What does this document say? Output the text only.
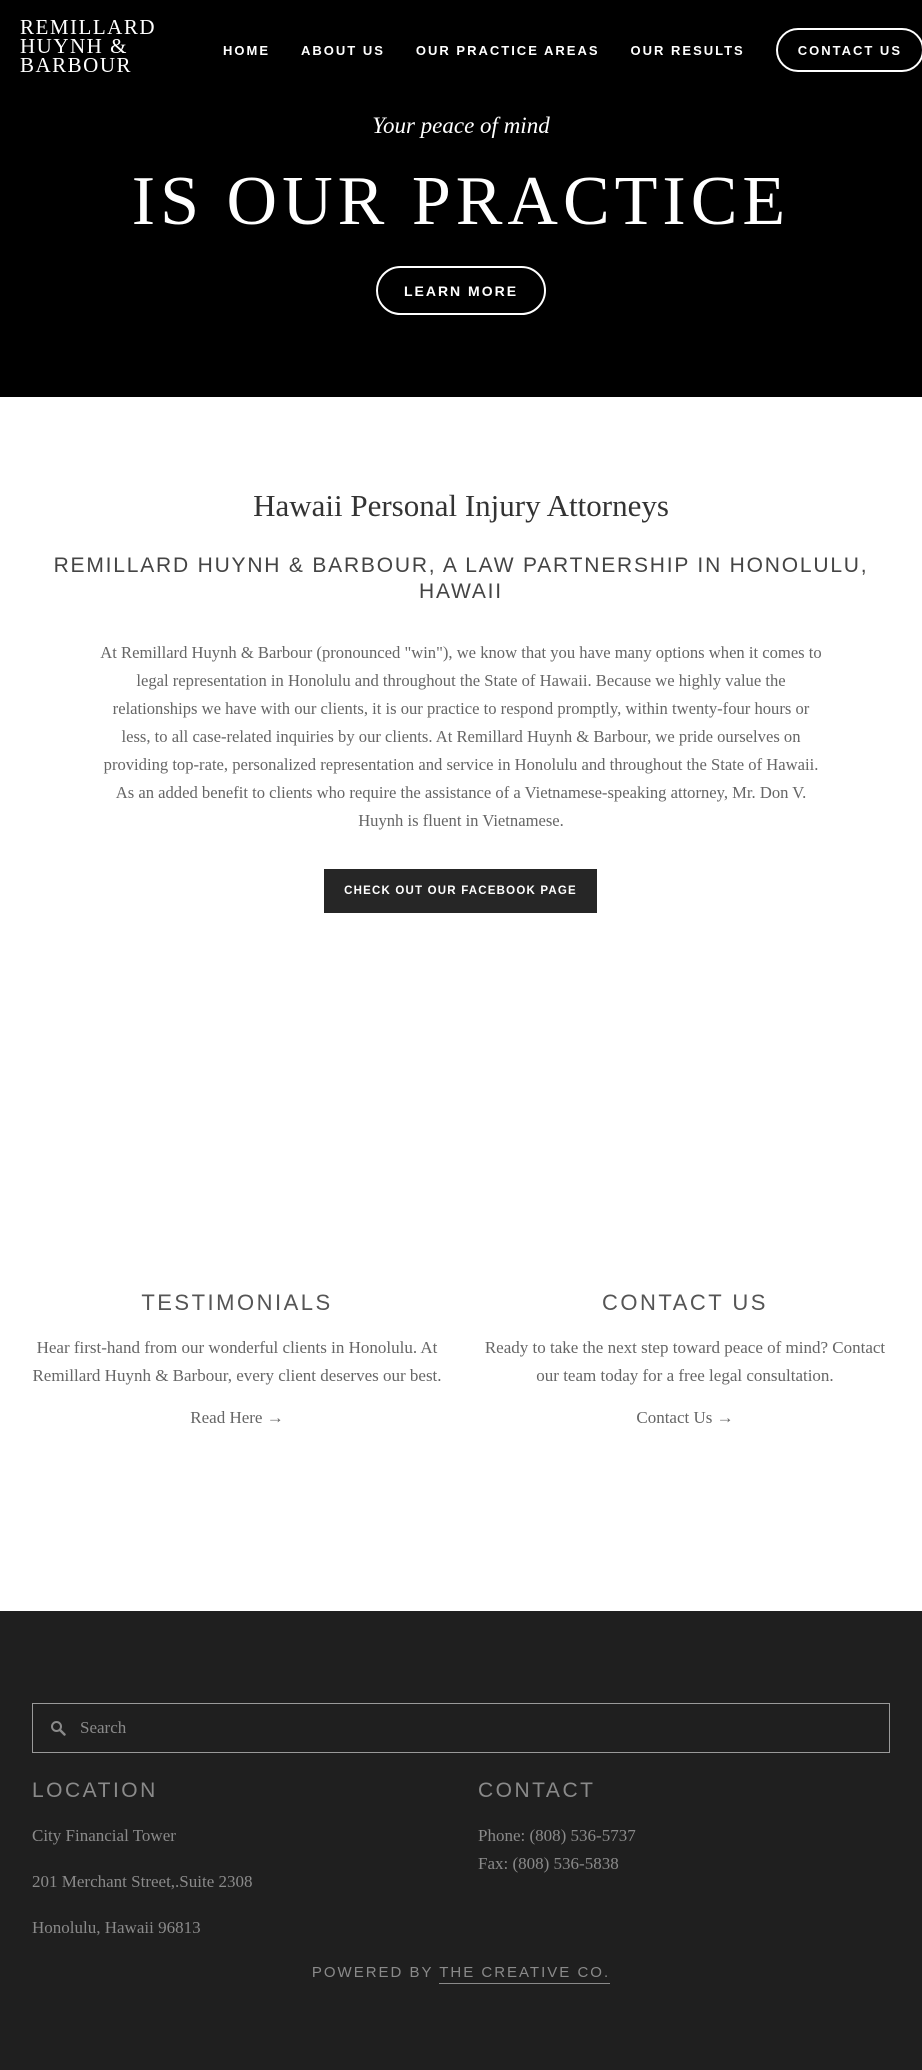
REMILLARD
HUYNH &
BARBOUR
HOME ABOUT US OUR PRACTICE AREAS OUR RESULTS	CONTACT US
Your peace of mind
IS OUR PRACTICE
LEARN MORE
Hawaii Personal Injury Attorneys
REMILLARD HUYNH & BARBOUR, A LAW PARTNERSHIP IN HONOLULU, HAWAII

At Remillard Huynh & Barbour (pronounced "win"), we know that you have many options when it comes to legal representation in Honolulu and throughout the State of Hawaii. Because we highly value the relationships we have with our clients, it is our practice to respond promptly, within twenty-four hours or less, to all case-related inquiries by our clients. At Remillard Huynh & Barbour, we pride ourselves on providing top-rate, personalized representation and service in Honolulu and throughout the State of Hawaii. As an added benefit to clients who require the assistance of a Vietnamese-speaking attorney, Mr. Don V. Huynh is fluent in Vietnamese.

CHECK OUT OUR FACEBOOK PAGE
TESTIMONIALS

Hear first-hand from our wonderful clients in Honolulu. At Remillard Huynh & Barbour, every client deserves our best.

Read Here →
CONTACT US

Ready to take the next step toward peace of mind? Contact our team today for a free legal consultation.

Contact Us →
Search
LOCATION

City Financial Tower

201 Merchant Street,.Suite 2308

Honolulu, Hawaii 96813

CONTACT

Phone: (808) 536-5737

Fax: (808) 536-5838

POWERED BY THE CREATIVE CO.
